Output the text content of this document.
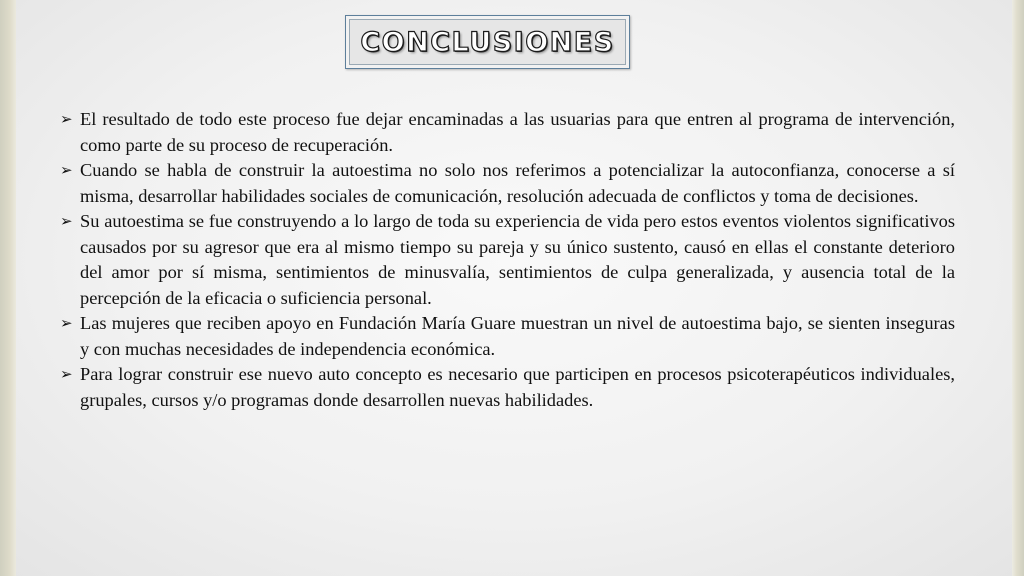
CONCLUSIONES
➢ El resultado de todo este proceso fue dejar encaminadas a las usuarias para que entren al programa de intervención, como parte de su proceso de recuperación.
➢ Cuando se habla de construir la autoestima no solo nos referimos a potencializar la autoconfianza, conocerse a sí misma, desarrollar habilidades sociales de comunicación, resolución adecuada de conflictos y toma de decisiones.
➢ Su autoestima se fue construyendo a lo largo de toda su experiencia de vida pero estos eventos violentos significativos causados por su agresor que era al mismo tiempo su pareja y su único sustento, causó en ellas el constante deterioro del amor por sí misma, sentimientos de minusvalía, sentimientos de culpa generalizada, y ausencia total de la percepción de la eficacia o suficiencia personal.
➢ Las mujeres que reciben apoyo en Fundación María Guare muestran un nivel de autoestima bajo, se sienten inseguras y con muchas necesidades de independencia económica.
➢ Para lograr construir ese nuevo auto concepto es necesario que participen en procesos psicoterapéuticos individuales, grupales, cursos y/o programas donde desarrollen nuevas habilidades.
